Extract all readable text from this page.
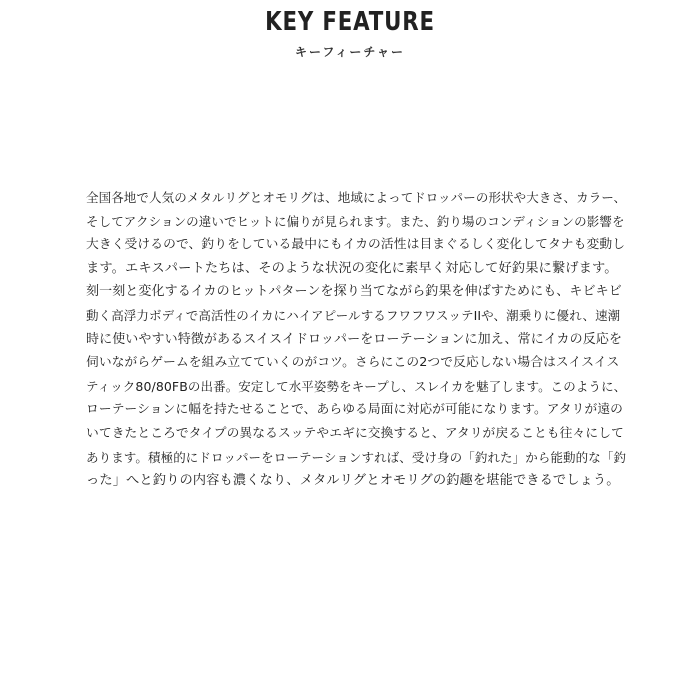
KEY FEATURE
キーフィーチャー
全国各地で人気のメタルリグとオモリグは、地域によってドロッパーの形状や大きさ、カラー、
そしてアクションの違いでヒットに偏りが見られます。また、釣り場のコンディションの影響を
大きく受けるので、釣りをしている最中にもイカの活性は目まぐるしく変化してタナも変動し
ます。エキスパートたちは、そのような状況の変化に素早く対応して好釣果に繋げます。
刻一刻と変化するイカのヒットパターンを探り当てながら釣果を伸ばすためにも、キビキビ
動く高浮力ボディで高活性のイカにハイアピールするフワフワスッテIIや、潮乗りに優れ、速潮
時に使いやすい特徴があるスイスイドロッパーをローテーションに加え、常にイカの反応を
伺いながらゲームを組み立てていくのがコツ。さらにこの2つで反応しない場合はスイスイス
ティック80/80FBの出番。安定して水平姿勢をキープし、スレイカを魅了します。このように、
ローテーションに幅を持たせることで、あらゆる局面に対応が可能になります。アタリが遠の
いてきたところでタイプの異なるスッテやエギに交換すると、アタリが戻ることも往々にして
あります。積極的にドロッパーをローテーションすれば、受け身の「釣れた」から能動的な「釣
った」へと釣りの内容も濃くなり、メタルリグとオモリグの釣趣を堪能できるでしょう。
